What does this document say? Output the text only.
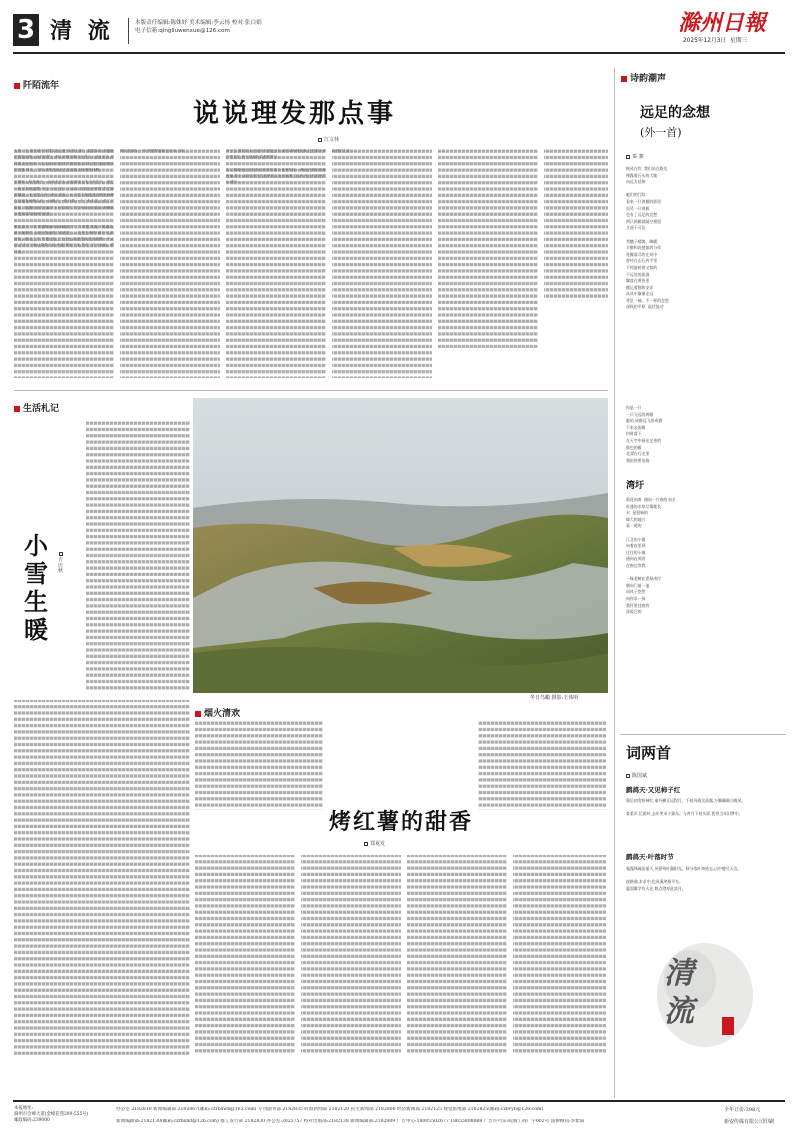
3 清 流	本版责任编辑:陈姝妤 美术编辑:李云扬 校对:张白娟
电子信箱:qingliuwenxue@126.com	滁州日報
2025年12月3日 星期三
阡陌流年
说说理发那点事
江文林
生活札记
小雪生暖
吉庆秋
冬日鸟瞰 摄影:王体明
烟火清欢
烤红薯的甜香
郑夏发
诗韵潮声
远足的念想
(外一首)
秦 骏
秋风在吹  我们站在路边
裸露着石头的大地
向远方延伸

她们的行踪
看来一只鸿雁的影里
而另一只鸿雁
也有了远足的念想
两只鸿雁就隔空相望
又遥不可及

芜穗子晴朗、晦暖
半醉和哀愁如约与你
花瓣落尽的在风中
曾经在山石的手里
不停旋转着又如的
不远处的流淌
飘落在黄昏里
搬运着锦和安详
从风中渐渐走远
背负一袖、不一样的念想
深秋的平原  起伏流动
你是一只
一只飞远的鸿雁
她的,成群远飞的成群
不来去的雁
何时落下
在天空中画出足迹的
鼓也的雁
北漂在行走里
我很快要出路
湾圩
菊花向南  通向一片春的水田
旺盛的水草尽情地长
水  是很新的
像大的地方
看一道的

江北的小镇
向着夜里到
过往的小镇
通向在风的
在窗边等我

一株老树在老屋南岸
朝向门前一池
同风子悠然
向你求一抹
我怀里挂着的
深爱它的
词两首
陈国斌
鹧鸪天·又见柿子红
霜后初发野柿红,秦丹横亘远程灯。千枝玛瑙含清露,万颗珊瑚立晚风。

某柔声,忆霜叶,去年笑采小篱东。今宵月下枝头影,犹带当年旧梦中。
鹧鸪天·叶落时节
霜露林疏淡丽天,风摇残叶漏阳光。秋分落叶知道去,山中瘦尽天边。

彼路曲,木求中,也风溪笑雁平长。
惠溜翼学有人往,数点澄寿此淡月。
清流
本报地址:
滁州市会峰大道(金峰花苑289-555号)
邮政编码:239000
办公室 2182810 新闻编辑部 2182867(邮箱:czrbxwb@163.com) 专刊副刊部 2182835 时政新闻部 2182120 民生新闻部 2182806 经济新闻部 2182125 视觉影像部 2182825(邮箱:czbvyb@126.com)
新闻编辑部:2182130(邮箱:czrbxmt@126.com) 群工发行部 2182830 办公室:3025757 校对出版部:2182138 新闻编辑部:2182809 广告中心:18005502677 18655808888 广告许可证:皖滁工商广字002号 法律顾问:李紫阳
全年订价:398元
新安传媒有限公司印刷
